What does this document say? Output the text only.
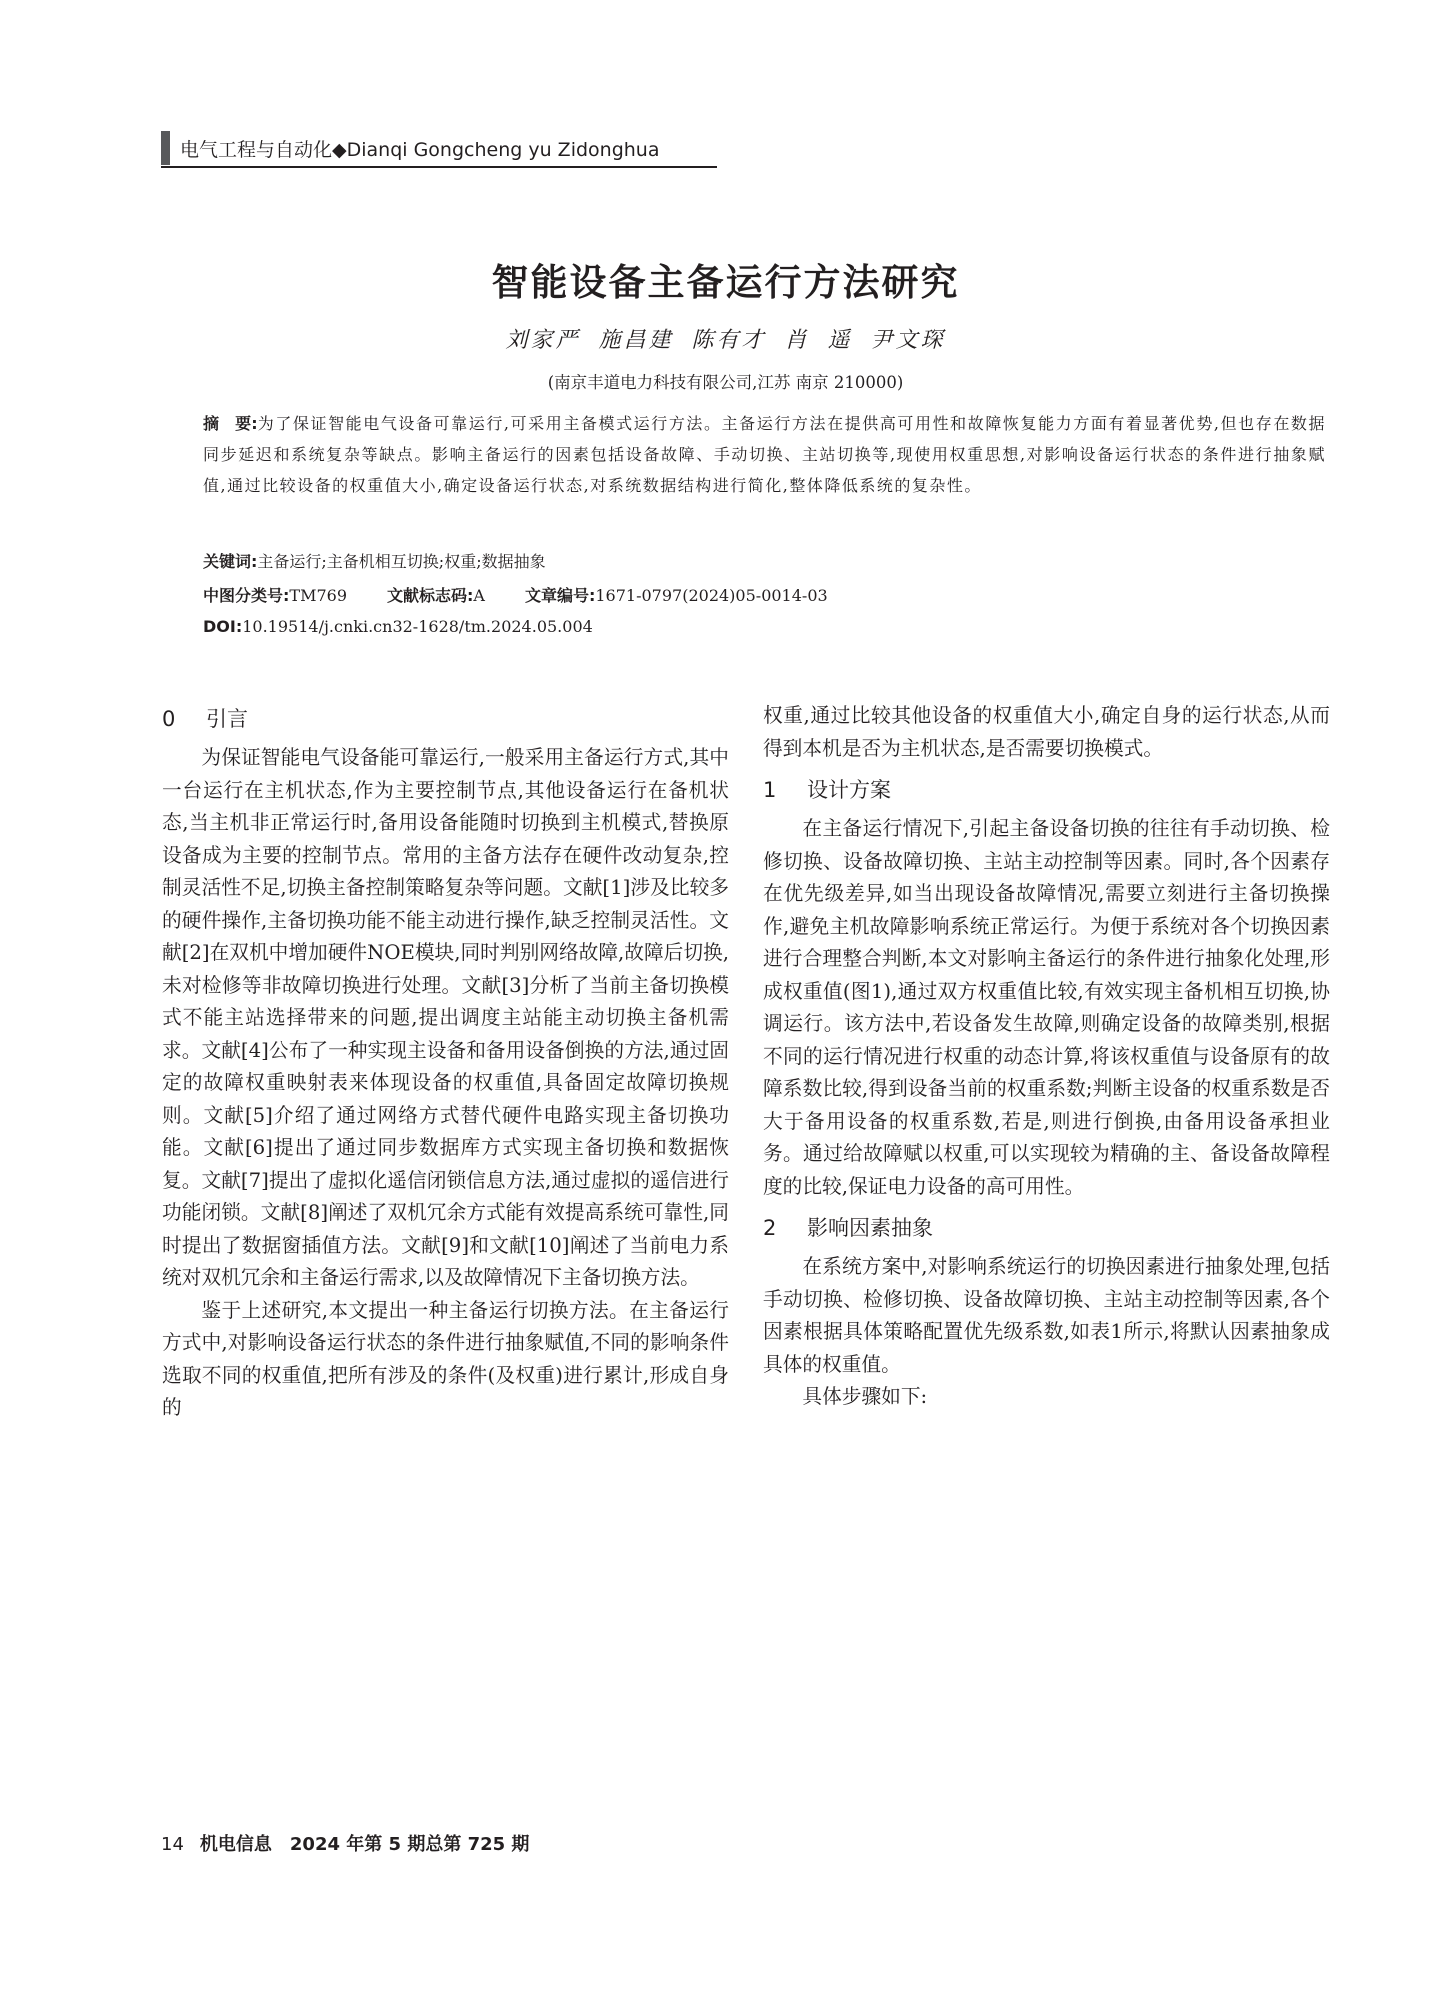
电气工程与自动化◆Dianqi Gongcheng yu Zidonghua
智能设备主备运行方法研究
刘家严 施昌建 陈有才 肖 遥 尹文琛
(南京丰道电力科技有限公司,江苏 南京 210000)
摘　要:为了保证智能电气设备可靠运行,可采用主备模式运行方法。主备运行方法在提供高可用性和故障恢复能力方面有着显著优势,但也存在数据同步延迟和系统复杂等缺点。影响主备运行的因素包括设备故障、手动切换、主站切换等,现使用权重思想,对影响设备运行状态的条件进行抽象赋值,通过比较设备的权重值大小,确定设备运行状态,对系统数据结构进行简化,整体降低系统的复杂性。
关键词:主备运行;主备机相互切换;权重;数据抽象
中图分类号:TM769	文献标志码:A	文章编号:1671-0797(2024)05-0014-03
DOI:10.19514/j.cnki.cn32-1628/tm.2024.05.004
0 引言

为保证智能电气设备能可靠运行,一般采用主备运行方式,其中一台运行在主机状态,作为主要控制节点,其他设备运行在备机状态,当主机非正常运行时,备用设备能随时切换到主机模式,替换原设备成为主要的控制节点。常用的主备方法存在硬件改动复杂,控制灵活性不足,切换主备控制策略复杂等问题。文献[1]涉及比较多的硬件操作,主备切换功能不能主动进行操作,缺乏控制灵活性。文献[2]在双机中增加硬件NOE模块,同时判别网络故障,故障后切换,未对检修等非故障切换进行处理。文献[3]分析了当前主备切换模式不能主站选择带来的问题,提出调度主站能主动切换主备机需求。文献[4]公布了一种实现主设备和备用设备倒换的方法,通过固定的故障权重映射表来体现设备的权重值,具备固定故障切换规则。文献[5]介绍了通过网络方式替代硬件电路实现主备切换功能。文献[6]提出了通过同步数据库方式实现主备切换和数据恢复。文献[7]提出了虚拟化遥信闭锁信息方法,通过虚拟的遥信进行功能闭锁。文献[8]阐述了双机冗余方式能有效提高系统可靠性,同时提出了数据窗插值方法。文献[9]和文献[10]阐述了当前电力系统对双机冗余和主备运行需求,以及故障情况下主备切换方法。

鉴于上述研究,本文提出一种主备运行切换方法。在主备运行方式中,对影响设备运行状态的条件进行抽象赋值,不同的影响条件选取不同的权重值,把所有涉及的条件(及权重)进行累计,形成自身的

权重,通过比较其他设备的权重值大小,确定自身的运行状态,从而得到本机是否为主机状态,是否需要切换模式。

1 设计方案

在主备运行情况下,引起主备设备切换的往往有手动切换、检修切换、设备故障切换、主站主动控制等因素。同时,各个因素存在优先级差异,如当出现设备故障情况,需要立刻进行主备切换操作,避免主机故障影响系统正常运行。为便于系统对各个切换因素进行合理整合判断,本文对影响主备运行的条件进行抽象化处理,形成权重值(图1),通过双方权重值比较,有效实现主备机相互切换,协调运行。该方法中,若设备发生故障,则确定设备的故障类别,根据不同的运行情况进行权重的动态计算,将该权重值与设备原有的故障系数比较,得到设备当前的权重系数;判断主设备的权重系数是否大于备用设备的权重系数,若是,则进行倒换,由备用设备承担业务。通过给故障赋以权重,可以实现较为精确的主、备设备故障程度的比较,保证电力设备的高可用性。

2 影响因素抽象

在系统方案中,对影响系统运行的切换因素进行抽象处理,包括手动切换、检修切换、设备故障切换、主站主动控制等因素,各个因素根据具体策略配置优先级系数,如表1所示,将默认因素抽象成具体的权重值。

具体步骤如下:

14 机电信息　2024 年第 5 期总第 725 期
